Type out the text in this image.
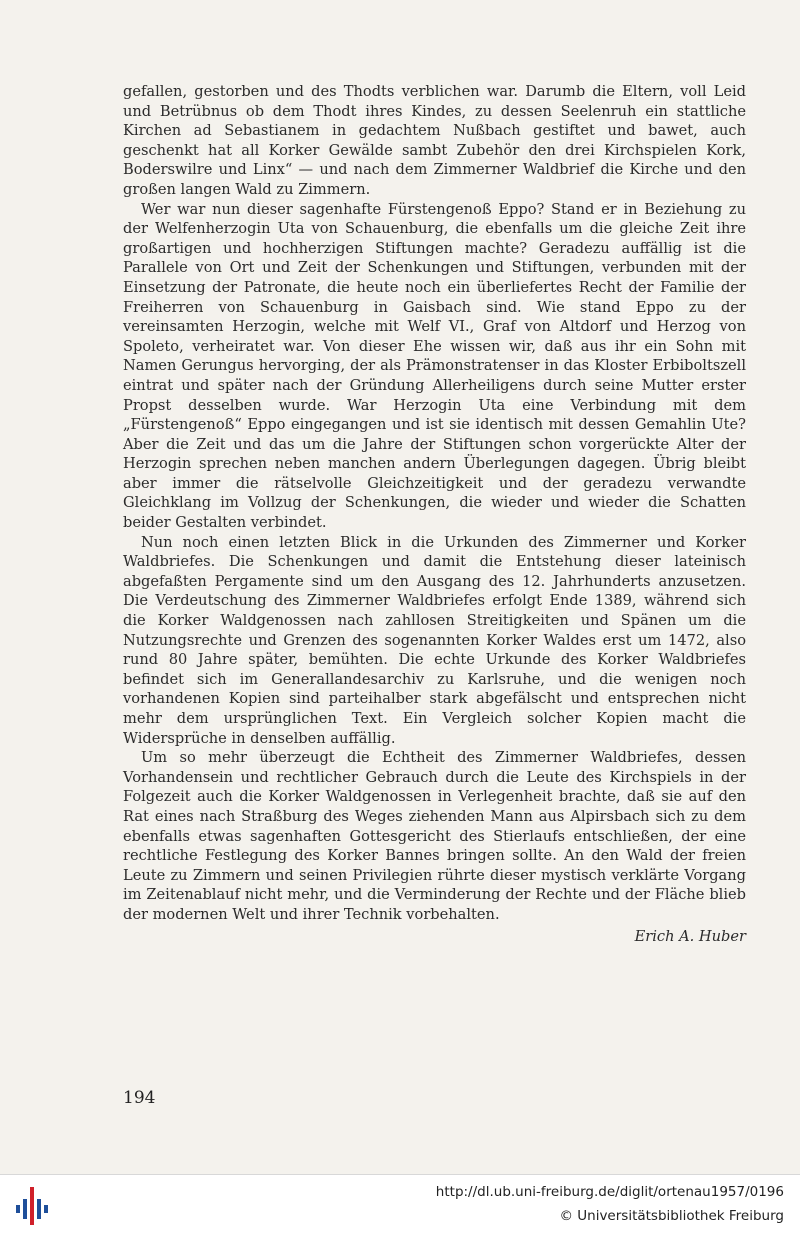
gefallen, gestorben und des Thodts verblichen war. Darumb die Eltern, voll Leid und Betrübnus ob dem Thodt ihres Kindes, zu dessen Seelenruh ein stattliche Kirchen ad Sebastianem in gedachtem Nußbach gestiftet und bawet, auch geschenkt hat all Korker Gewälde sambt Zubehör den drei Kirchspielen Kork, Boderswilre und Linx“ — und nach dem Zimmerner Waldbrief die Kirche und den großen langen Wald zu Zimmern.

Wer war nun dieser sagenhafte Fürstengenoß Eppo? Stand er in Beziehung zu der Welfenherzogin Uta von Schauenburg, die ebenfalls um die gleiche Zeit ihre großartigen und hochherzigen Stiftungen machte? Geradezu auffällig ist die Parallele von Ort und Zeit der Schenkungen und Stiftungen, verbunden mit der Einsetzung der Patronate, die heute noch ein überliefertes Recht der Familie der Freiherren von Schauenburg in Gaisbach sind. Wie stand Eppo zu der vereinsamten Herzogin, welche mit Welf VI., Graf von Altdorf und Herzog von Spoleto, verheiratet war. Von dieser Ehe wissen wir, daß aus ihr ein Sohn mit Namen Gerungus hervorging, der als Prämonstratenser in das Kloster Erbiboltszell eintrat und später nach der Gründung Allerheiligens durch seine Mutter erster Propst desselben wurde. War Herzogin Uta eine Verbindung mit dem „Fürstengenoß“ Eppo eingegangen und ist sie identisch mit dessen Gemahlin Ute? Aber die Zeit und das um die Jahre der Stiftungen schon vorgerückte Alter der Herzogin sprechen neben manchen andern Überlegungen dagegen. Übrig bleibt aber immer die rätselvolle Gleichzeitigkeit und der geradezu verwandte Gleichklang im Vollzug der Schenkungen, die wieder und wieder die Schatten beider Gestalten verbindet.

Nun noch einen letzten Blick in die Urkunden des Zimmerner und Korker Waldbriefes. Die Schenkungen und damit die Entstehung dieser lateinisch abgefaßten Pergamente sind um den Ausgang des 12. Jahrhunderts anzusetzen. Die Verdeutschung des Zimmerner Waldbriefes erfolgt Ende 1389, während sich die Korker Waldgenossen nach zahllosen Streitigkeiten und Spänen um die Nutzungsrechte und Grenzen des sogenannten Korker Waldes erst um 1472, also rund 80 Jahre später, bemühten. Die echte Urkunde des Korker Waldbriefes befindet sich im Generallandesarchiv zu Karlsruhe, und die wenigen noch vorhandenen Kopien sind parteihalber stark abgefälscht und entsprechen nicht mehr dem ursprünglichen Text. Ein Vergleich solcher Kopien macht die Widersprüche in denselben auffällig.

Um so mehr überzeugt die Echtheit des Zimmerner Waldbriefes, dessen Vorhandensein und rechtlicher Gebrauch durch die Leute des Kirchspiels in der Folgezeit auch die Korker Waldgenossen in Verlegenheit brachte, daß sie auf den Rat eines nach Straßburg des Weges ziehenden Mann aus Alpirsbach sich zu dem ebenfalls etwas sagenhaften Gottesgericht des Stierlaufs entschließen, der eine rechtliche Festlegung des Korker Bannes bringen sollte. An den Wald der freien Leute zu Zimmern und seinen Privilegien rührte dieser mystisch verklärte Vorgang im Zeitenablauf nicht mehr, und die Verminderung der Rechte und der Fläche blieb der modernen Welt und ihrer Technik vorbehalten.

Erich A. Huber
194
http://dl.ub.uni-freiburg.de/diglit/ortenau1957/0196
© Universitätsbibliothek Freiburg
